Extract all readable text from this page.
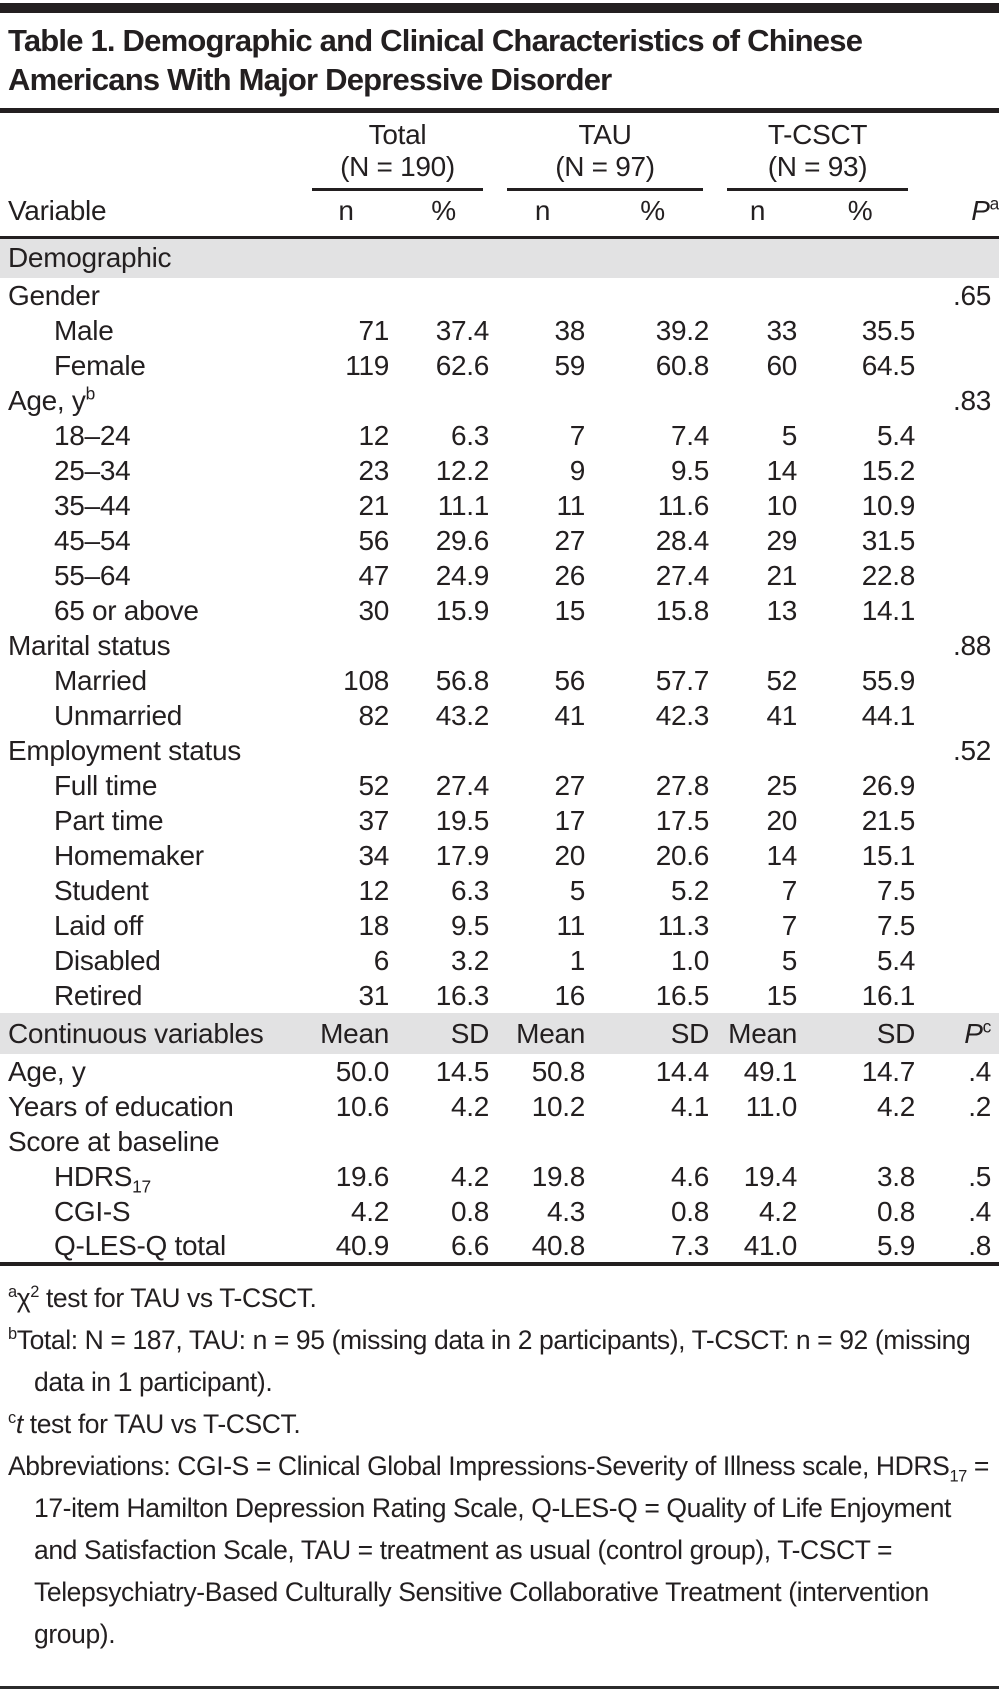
Table 1. Demographic and Clinical Characteristics of Chinese Americans With Major Depressive Disorder

Total
(N = 190)

TAU
(N = 97)

T-CSCT
(N = 93)

Variable	n	%	n	%	n	%	$P^a$
Demographic							
Gender							.65
Male	71	37.4	38	39.2	33	35.5	
Female	119	62.6	59	60.8	60	64.5	
Age, $y^b$							.83
18–24	12	6.3	7	7.4	5	5.4	
25–34	23	12.2	9	9.5	14	15.2	
35–44	21	11.1	11	11.6	10	10.9	
45–54	56	29.6	27	28.4	29	31.5	
55–64	47	24.9	26	27.4	21	22.8	
65 or above	30	15.9	15	15.8	13	14.1	
Marital status							.88
Married	108	56.8	56	57.7	52	55.9	
Unmarried	82	43.2	41	42.3	41	44.1	
Employment status							.52
Full time	52	27.4	27	27.8	25	26.9	
Part time	37	19.5	17	17.5	20	21.5	
Homemaker	34	17.9	20	20.6	14	15.1	
Student	12	6.3	5	5.2	7	7.5	
Laid off	18	9.5	11	11.3	7	7.5	
Disabled	6	3.2	1	1.0	5	5.4	
Retired	31	16.3	16	16.5	15	16.1	
Continuous variables	Mean	SD	Mean	SD	Mean	SD	$P^c$
Age, y	50.0	14.5	50.8	14.4	49.1	14.7	.4
Years of education	10.6	4.2	10.2	4.1	11.0	4.2	.2
Score at baseline							
$HDRS_{17}$	19.6	4.2	19.8	4.6	19.4	3.8	.5
CGI-S	4.2	0.8	4.3	0.8	4.2	0.8	.4
Q-LES-Q total	40.9	6.6	40.8	7.3	41.0	5.9	.8
$^a\chi^2$ test for TAU vs T-CSCT.
$^b$Total: N = 187, TAU: n = 95 (missing data in 2 participants), T-CSCT: n = 92 (missing data in 1 participant).
$^c$t test for TAU vs T-CSCT.
Abbreviations: CGI-S = Clinical Global Impressions-Severity of Illness scale, $HDRS_{17}$ = 17-item Hamilton Depression Rating Scale, Q-LES-Q = Quality of Life Enjoyment and Satisfaction Scale, TAU = treatment as usual (control group), T-CSCT = Telepsychiatry-Based Culturally Sensitive Collaborative Treatment (intervention group).
